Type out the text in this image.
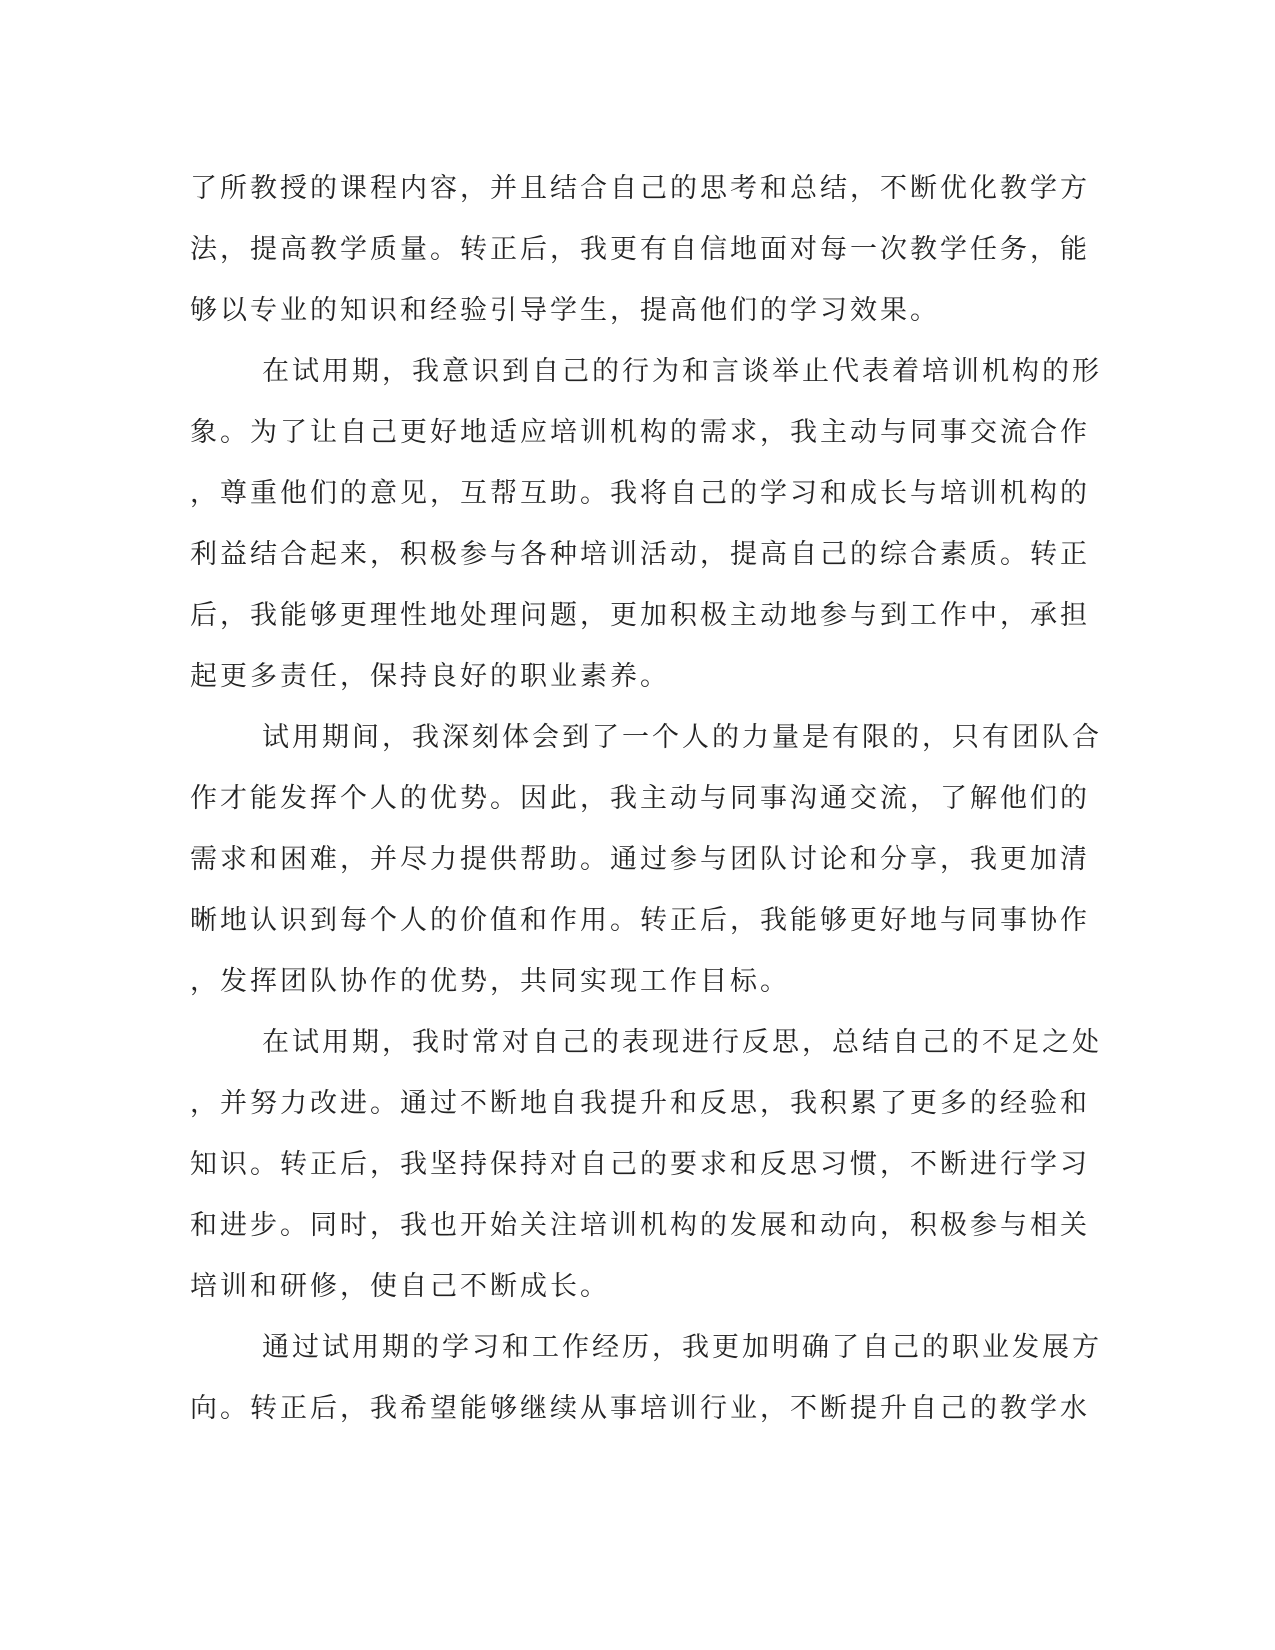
了所教授的课程内容，并且结合自己的思考和总结，不断优化教学方
法，提高教学质量。转正后，我更有自信地面对每一次教学任务，能
够以专业的知识和经验引导学生，提高他们的学习效果。
在试用期，我意识到自己的行为和言谈举止代表着培训机构的形
象。为了让自己更好地适应培训机构的需求，我主动与同事交流合作
，尊重他们的意见，互帮互助。我将自己的学习和成长与培训机构的
利益结合起来，积极参与各种培训活动，提高自己的综合素质。转正
后，我能够更理性地处理问题，更加积极主动地参与到工作中，承担
起更多责任，保持良好的职业素养。
试用期间，我深刻体会到了一个人的力量是有限的，只有团队合
作才能发挥个人的优势。因此，我主动与同事沟通交流，了解他们的
需求和困难，并尽力提供帮助。通过参与团队讨论和分享，我更加清
晰地认识到每个人的价值和作用。转正后，我能够更好地与同事协作
，发挥团队协作的优势，共同实现工作目标。
在试用期，我时常对自己的表现进行反思，总结自己的不足之处
，并努力改进。通过不断地自我提升和反思，我积累了更多的经验和
知识。转正后，我坚持保持对自己的要求和反思习惯，不断进行学习
和进步。同时，我也开始关注培训机构的发展和动向，积极参与相关
培训和研修，使自己不断成长。
通过试用期的学习和工作经历，我更加明确了自己的职业发展方
向。转正后，我希望能够继续从事培训行业，不断提升自己的教学水
